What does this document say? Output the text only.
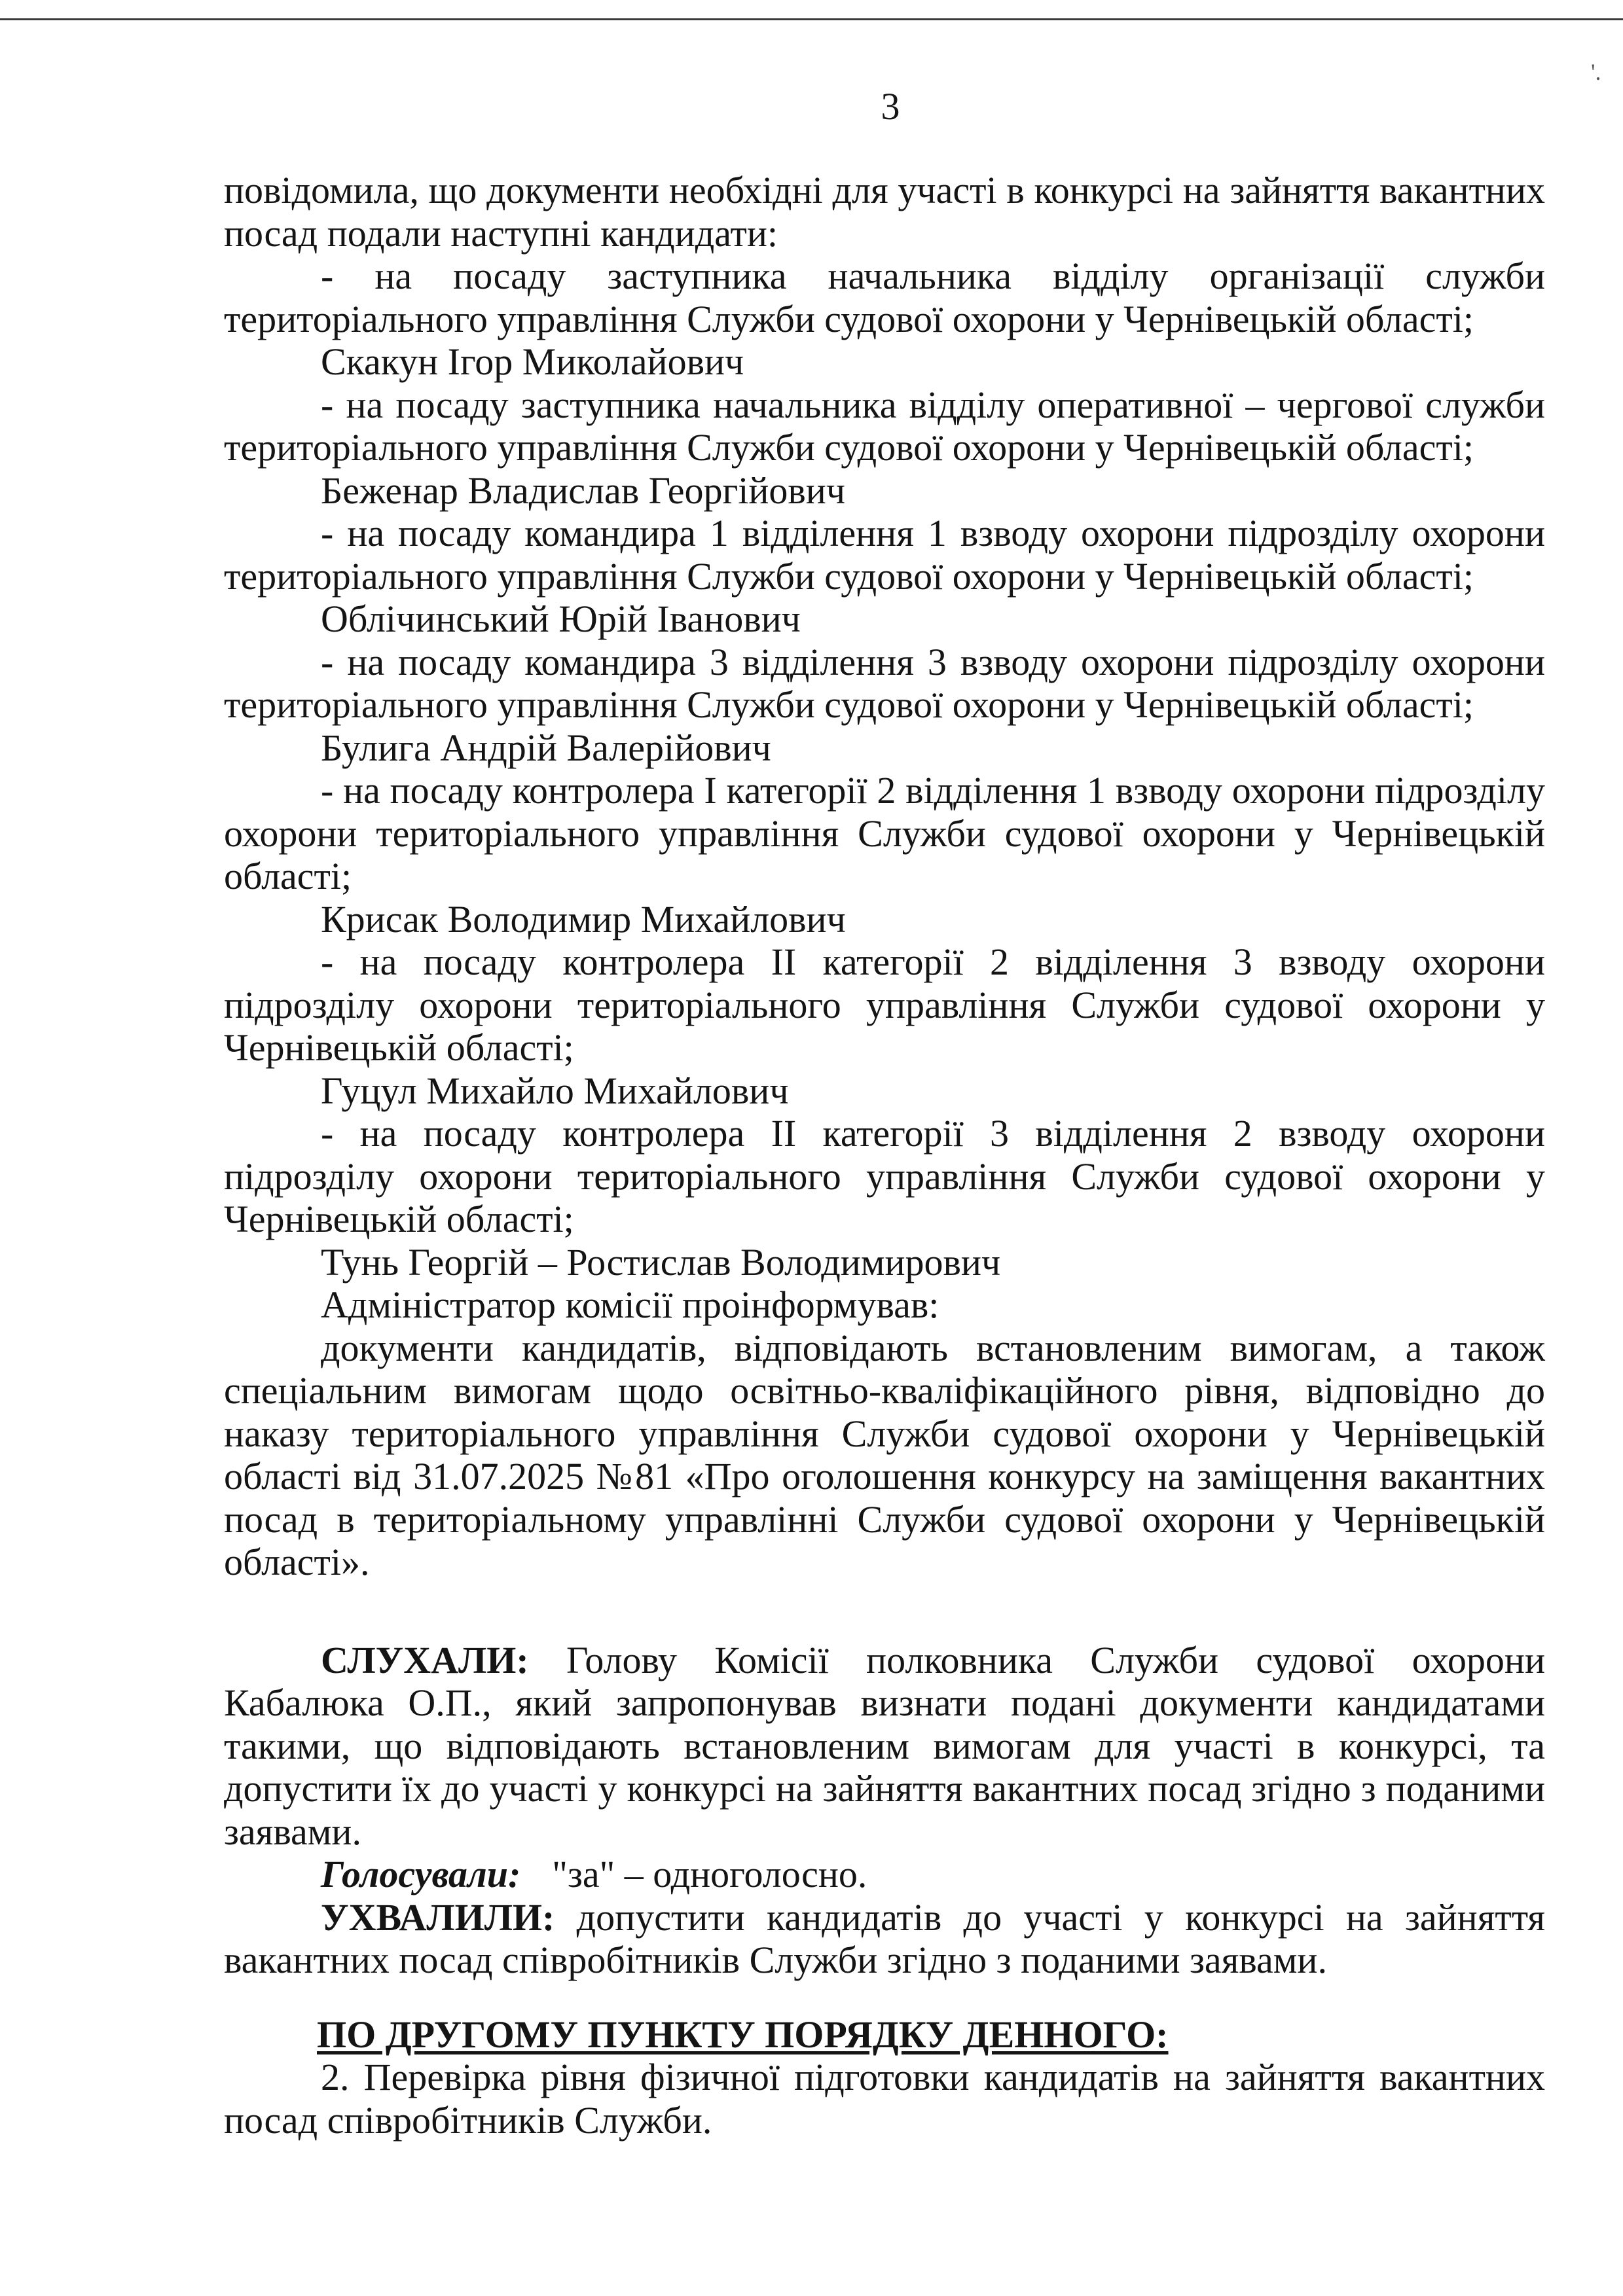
3
'.

повідомила, що документи необхідні для участі в конкурсі на зайняття вакантних

посад подали наступні кандидати:

- на посаду заступника начальника відділу організації служби

територіального управління Служби судової охорони у Чернівецькій області;

Скакун Ігор Миколайович

- на посаду заступника начальника відділу оперативної – чергової служби

територіального управління Служби судової охорони у Чернівецькій області;

Беженар Владислав Георгійович

- на посаду командира 1 відділення 1 взводу охорони підрозділу охорони

територіального управління Служби судової охорони у Чернівецькій області;

Облічинський Юрій Іванович

- на посаду командира 3 відділення 3 взводу охорони підрозділу охорони

територіального управління Служби судової охорони у Чернівецькій області;

Булига Андрій Валерійович

- на посаду контролера І категорії 2 відділення 1 взводу охорони підрозділу

охорони територіального управління Служби судової охорони у Чернівецькій

області;

Крисак Володимир Михайлович

- на посаду контролера ІІ категорії 2 відділення 3 взводу охорони

підрозділу охорони територіального управління Служби судової охорони у

Чернівецькій області;

Гуцул Михайло Михайлович

- на посаду контролера ІІ категорії 3 відділення 2 взводу охорони

підрозділу охорони територіального управління Служби судової охорони у

Чернівецькій області;

Тунь Георгій – Ростислав Володимирович

Адміністратор комісії проінформував:

документи кандидатів, відповідають встановленим вимогам, а також

спеціальним вимогам щодо освітньо-кваліфікаційного рівня, відповідно до

наказу територіального управління Служби судової охорони у Чернівецькій

області від 31.07.2025 №81 «Про оголошення конкурсу на заміщення вакантних

посад в територіальному управлінні Служби судової охорони у Чернівецькій

області».

СЛУХАЛИ: Голову Комісії полковника Служби судової охорони

Кабалюка О.П., який запропонував визнати подані документи кандидатами

такими, що відповідають встановленим вимогам для участі в конкурсі, та

допустити їх до участі у конкурсі на зайняття вакантних посад згідно з поданими

заявами.

Голосували: "за" – одноголосно.

УХВАЛИЛИ: допустити кандидатів до участі у конкурсі на зайняття

вакантних посад співробітників Служби згідно з поданими заявами.

ПО ДРУГОМУ ПУНКТУ ПОРЯДКУ ДЕННОГО:

2. Перевірка рівня фізичної підготовки кандидатів на зайняття вакантних

посад співробітників Служби.
